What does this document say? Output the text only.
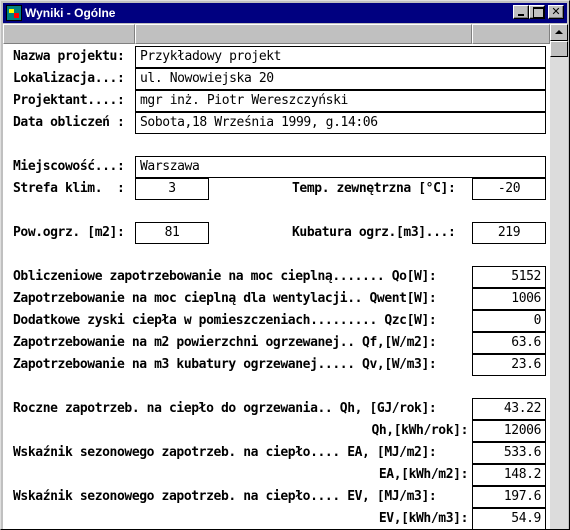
Wyniki - Ogólne	✕
Nazwa projektu:	Przykładowy projekt
Lokalizacja...:	ul. Nowowiejska 20
Projektant....:	mgr inż. Piotr Wereszczyński
Data obliczeń :	Sobota,18 Września 1999, g.14:06
Miejscowość...:	Warszawa
Strefa klim.  :	3	Temp. zewnętrzna [°C]:	-20
Pow.ogrz. [m2]:	81	Kubatura ogrz.[m3]...:	219
Obliczeniowe zapotrzebowanie na moc cieplną....... Qo[W]:	5152
Zapotrzebowanie na moc cieplną dla wentylacji.. Qwent[W]:	1006
Dodatkowe zyski ciepła w pomieszczeniach......... Qzc[W]:	0
Zapotrzebowanie na m2 powierzchni ogrzewanej.. Qf,[W/m2]:	63.6
Zapotrzebowanie na m3 kubatury ogrzewanej..... Qv,[W/m3]:	23.6
Roczne zapotrzeb. na ciepło do ogrzewania.. Qh, [GJ/rok]:	43.22
Qh,[kWh/rok]:	12006
Wskaźnik sezonowego zapotrzeb. na ciepło.... EA, [MJ/m2]:	533.6
EA,[kWh/m2]:	148.2
Wskaźnik sezonowego zapotrzeb. na ciepło.... EV, [MJ/m3]:	197.6
EV,[kWh/m3]:	54.9
